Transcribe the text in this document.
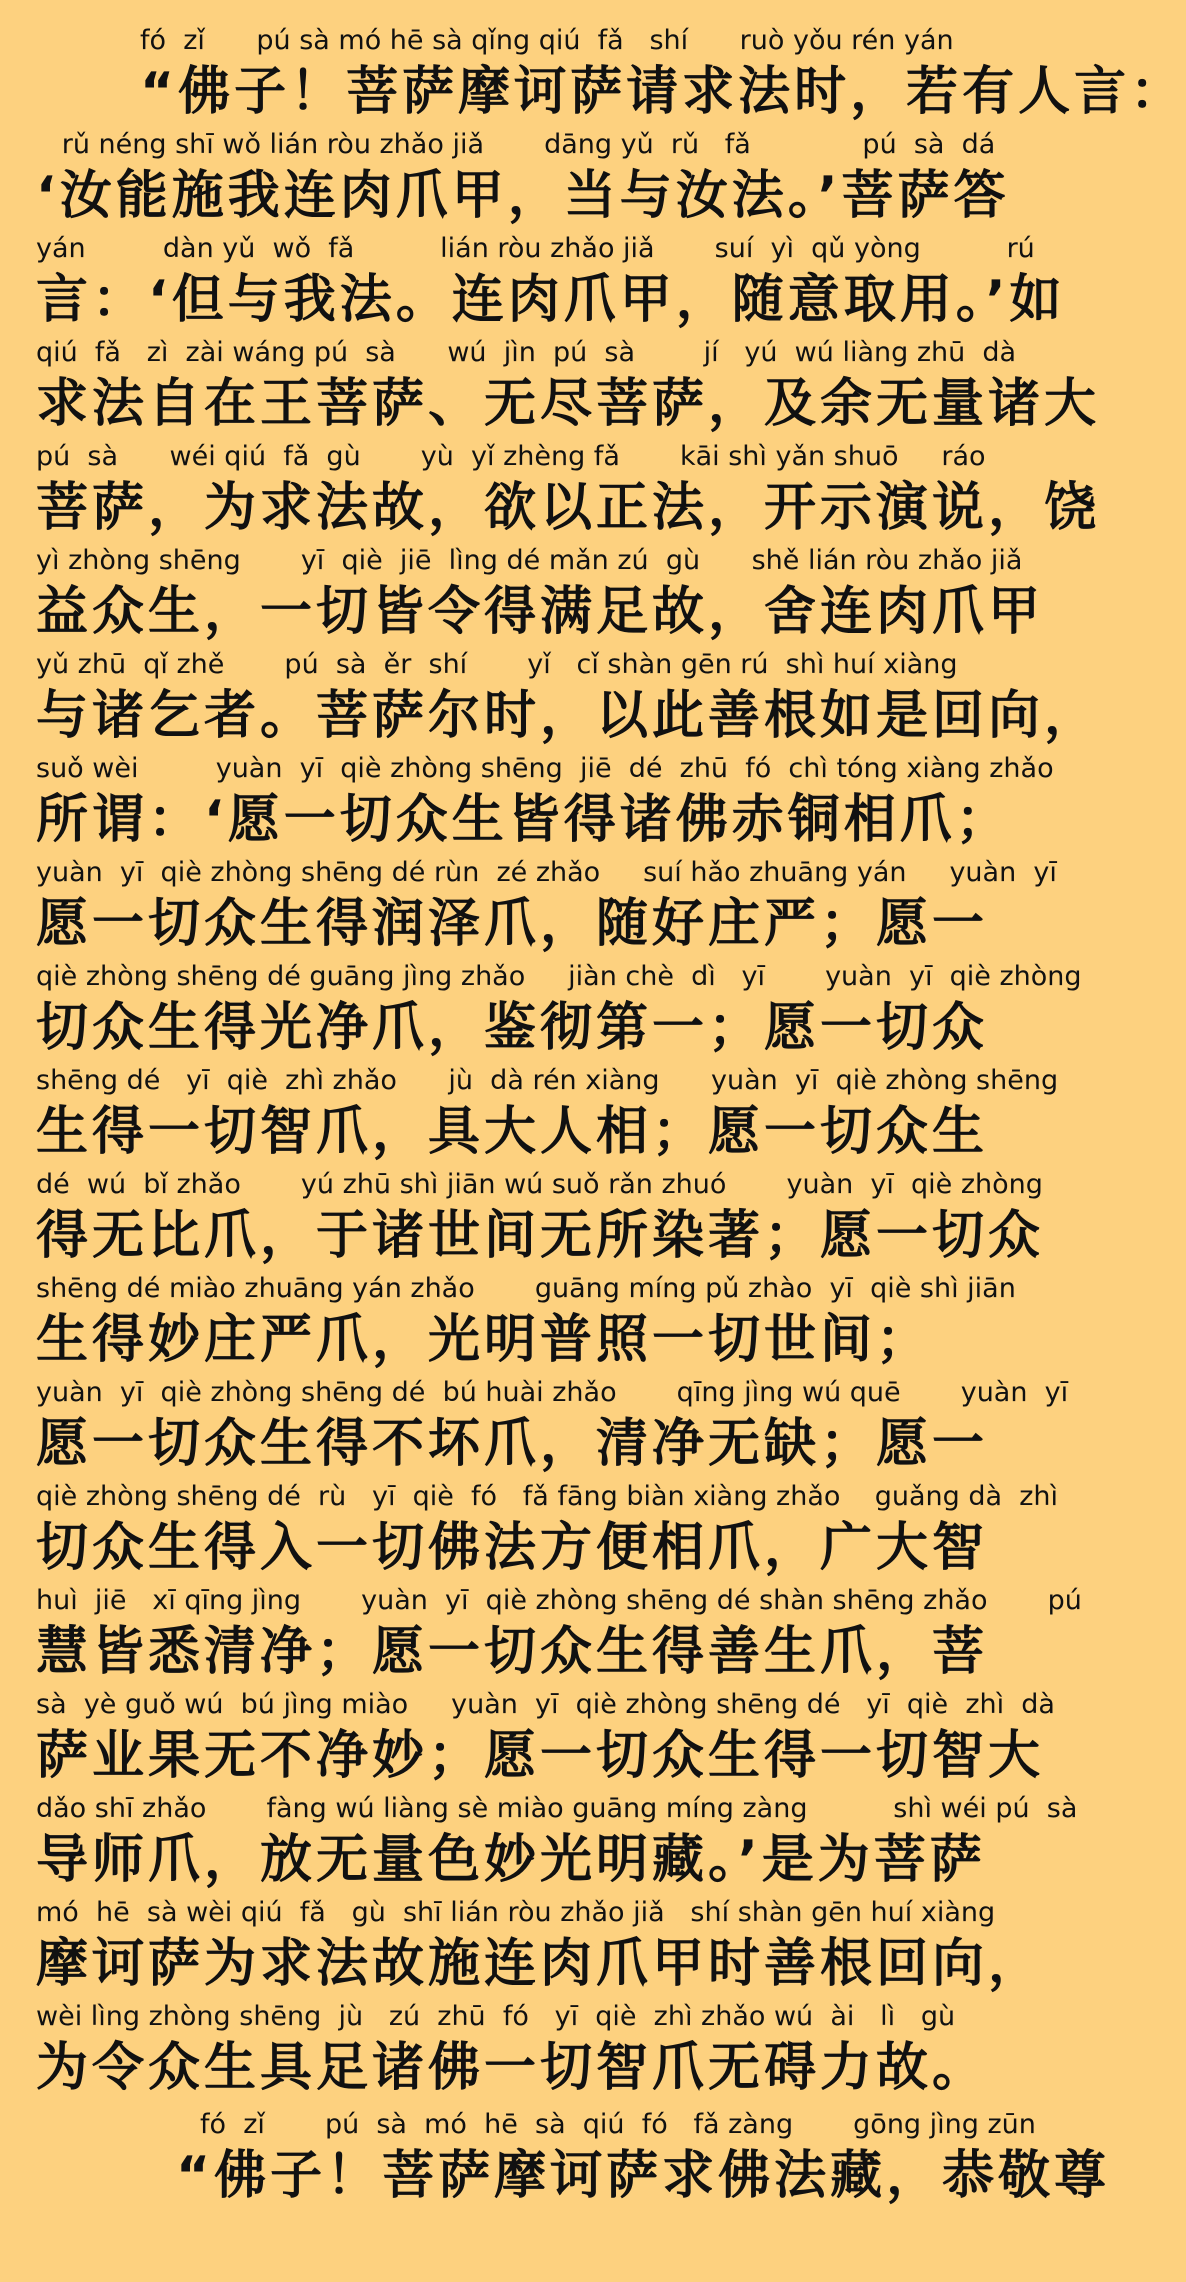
fó  zǐ      pú sà mó hē sà qǐng qiú  fǎ   shí      ruò yǒu rén yán
“佛子！菩萨摩诃萨请求法时，若有人言：
rǔ néng shī wǒ lián ròu zhǎo jiǎ       dāng yǔ  rǔ   fǎ             pú  sà  dá
‘汝能施我连肉爪甲，当与汝法。’菩萨答
yán         dàn yǔ  wǒ  fǎ          lián ròu zhǎo jiǎ       suí  yì  qǔ yòng          rú
言：‘但与我法。连肉爪甲，随意取用。’如
qiú  fǎ   zì  zài wáng pú  sà      wú  jìn  pú  sà        jí   yú  wú liàng zhū  dà
求法自在王菩萨、无尽菩萨，及余无量诸大
pú  sà      wéi qiú  fǎ  gù       yù  yǐ zhèng fǎ       kāi shì yǎn shuō     ráo
菩萨，为求法故，欲以正法，开示演说，饶
yì zhòng shēng       yī  qiè  jiē  lìng dé mǎn zú  gù      shě lián ròu zhǎo jiǎ
益众生，一切皆令得满足故，舍连肉爪甲
yǔ zhū  qǐ zhě       pú  sà  ěr  shí       yǐ   cǐ shàn gēn rú  shì huí xiàng
与诸乞者。菩萨尔时，以此善根如是回向，
suǒ wèi         yuàn  yī  qiè zhòng shēng  jiē  dé  zhū  fó  chì tóng xiàng zhǎo
所谓：‘愿一切众生皆得诸佛赤铜相爪；
yuàn  yī  qiè zhòng shēng dé rùn  zé zhǎo     suí hǎo zhuāng yán     yuàn  yī
愿一切众生得润泽爪，随好庄严；愿一
qiè zhòng shēng dé guāng jìng zhǎo     jiàn chè  dì   yī       yuàn  yī  qiè zhòng
切众生得光净爪，鉴彻第一；愿一切众
shēng dé   yī  qiè  zhì zhǎo      jù  dà rén xiàng      yuàn  yī  qiè zhòng shēng
生得一切智爪，具大人相；愿一切众生
dé  wú  bǐ zhǎo       yú zhū shì jiān wú suǒ rǎn zhuó       yuàn  yī  qiè zhòng
得无比爪，于诸世间无所染著；愿一切众
shēng dé miào zhuāng yán zhǎo       guāng míng pǔ zhào  yī  qiè shì jiān
生得妙庄严爪，光明普照一切世间；
yuàn  yī  qiè zhòng shēng dé  bú huài zhǎo       qīng jìng wú quē       yuàn  yī
愿一切众生得不坏爪，清净无缺；愿一
qiè zhòng shēng dé  rù   yī  qiè  fó   fǎ fāng biàn xiàng zhǎo    guǎng dà  zhì
切众生得入一切佛法方便相爪，广大智
huì  jiē   xī qīng jìng       yuàn  yī  qiè zhòng shēng dé shàn shēng zhǎo       pú
慧皆悉清净；愿一切众生得善生爪，菩
sà  yè guǒ wú  bú jìng miào     yuàn  yī  qiè zhòng shēng dé   yī  qiè  zhì  dà
萨业果无不净妙；愿一切众生得一切智大
dǎo shī zhǎo       fàng wú liàng sè miào guāng míng zàng          shì wéi pú  sà
导师爪，放无量色妙光明藏。’是为菩萨
mó  hē  sà wèi qiú  fǎ   gù  shī lián ròu zhǎo jiǎ   shí shàn gēn huí xiàng
摩诃萨为求法故施连肉爪甲时善根回向，
wèi lìng zhòng shēng  jù   zú  zhū  fó   yī  qiè  zhì zhǎo wú  ài   lì   gù
为令众生具足诸佛一切智爪无碍力故。
fó  zǐ       pú  sà  mó  hē  sà  qiú  fó   fǎ zàng       gōng jìng zūn
“佛子！菩萨摩诃萨求佛法藏，恭敬尊
